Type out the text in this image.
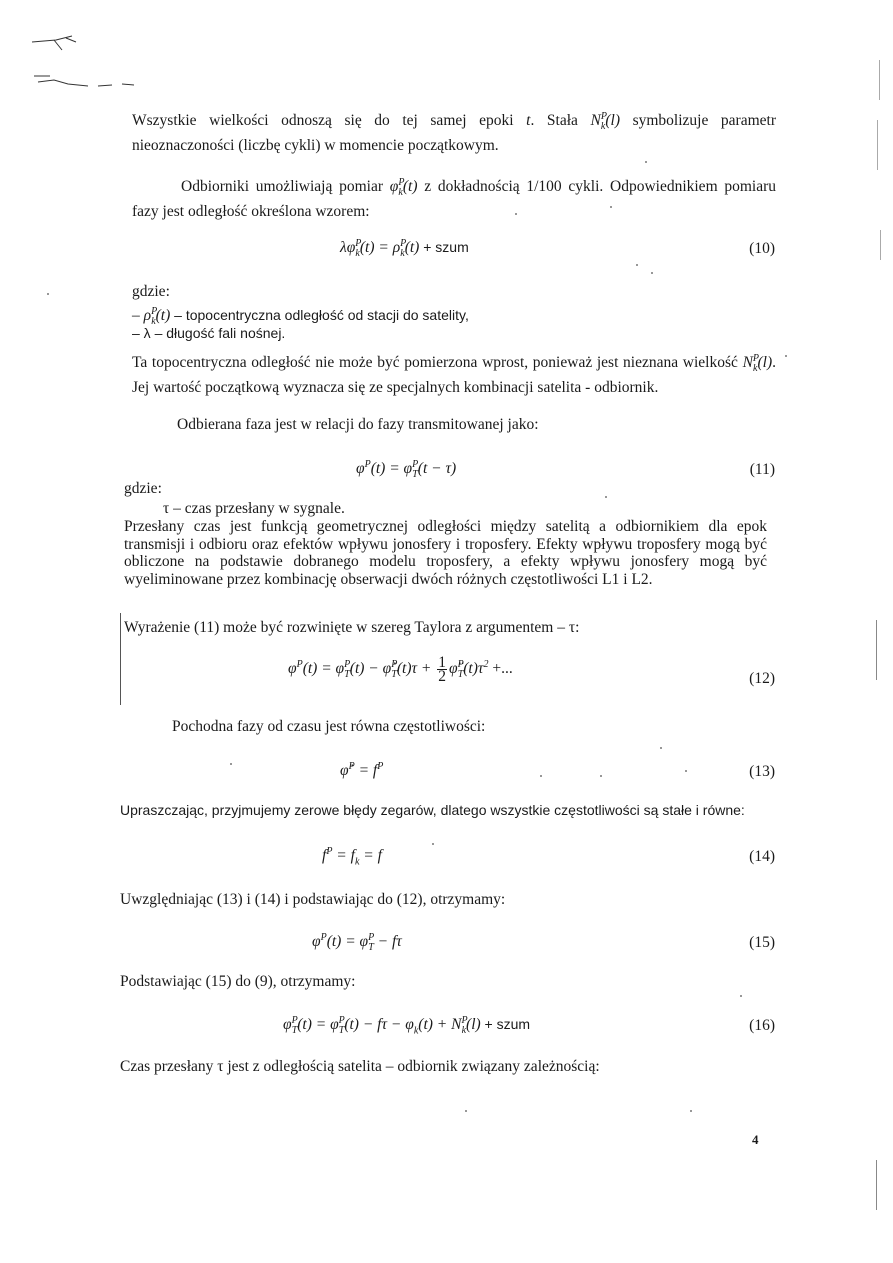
Wszystkie wielkości odnoszą się do tej samej epoki t. Stała $N^P_k(l)$ symbolizuje parametr nieoznaczoności (liczbę cykli) w momencie początkowym.
Odbiorniki umożliwiają pomiar $\varphi^P_k(t)$ z dokładnością 1/100 cykli. Odpowiednikiem pomiaru fazy jest odległość określona wzorem:
$\lambda\varphi^P_k(t) = \rho^P_k(t)$ + szum	(10)
gdzie:
– $\rho^P_k(t)$ – topocentryczna odległość od stacji do satelity,
– λ – długość fali nośnej.
Ta topocentryczna odległość nie może być pomierzona wprost, ponieważ jest nieznana wielkość $N^P_k(l)$. Jej wartość początkową wyznacza się ze specjalnych kombinacji satelita - odbiornik.
Odbierana faza jest w relacji do fazy transmitowanej jako:
$\varphi^P(t) = \varphi^P_T(t - \tau)$	(11)
gdzie:
τ – czas przesłany w sygnale.
Przesłany czas jest funkcją geometrycznej odległości między satelitą a odbiornikiem dla epok transmisji i odbioru oraz efektów wpływu jonosfery i troposfery. Efekty wpływu troposfery mogą być obliczone na podstawie dobranego modelu troposfery, a efekty wpływu jonosfery mogą być wyeliminowane przez kombinację obserwacji dwóch różnych częstotliwości L1 i L2.
Wyrażenie (11) może być rozwinięte w szereg Taylora z argumentem – τ:
$\varphi^P(t) = \varphi^P_T(t)$ − φ̇$^P_T$(t)τ + $\frac{1}{2}$ $\varphï^P_T(t)\tau^2$ +...
(12)
Pochodna fazy od czasu jest równa częstotliwości:
φ̇$^P$ = $f^P$	(13)
Upraszczając, przyjmujemy zerowe błędy zegarów, dlatego wszystkie częstotliwości są stałe i równe:
$f^P = f_k = f$	(14)
Uwzględniając (13) i (14) i podstawiając do (12), otrzymamy:
$\varphi^P(t) = \varphi^P_T - f\tau$	(15)
Podstawiając (15) do (9), otrzymamy:
$\varphi^P_T(t) = \varphi^P_T(t) - f\tau - \varphi_k(t) + N^P_k(l)$ + szum	(16)
Czas przesłany τ jest z odległością satelita – odbiornik związany zależnością:
4
